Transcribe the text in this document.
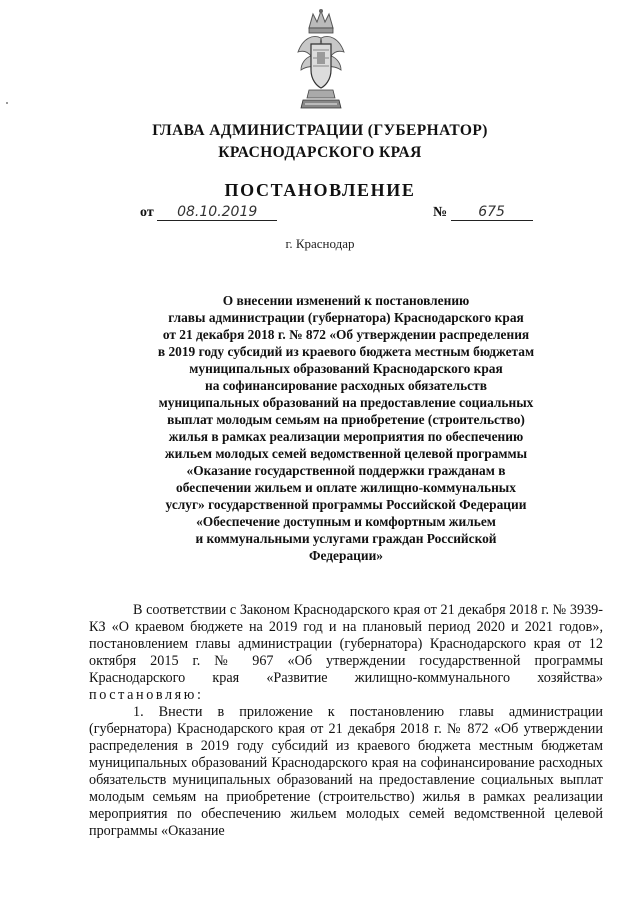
ГЛАВА АДМИНИСТРАЦИИ (ГУБЕРНАТОР)
КРАСНОДАРСКОГО КРАЯ
ПОСТАНОВЛЕНИЕ
от 08.10.2019	№ 675
г. Краснодар
О внесении изменений к постановлению
главы администрации (губернатора) Краснодарского края
от 21 декабря 2018 г. № 872 «Об утверждении распределения
в 2019 году субсидий из краевого бюджета местным бюджетам
муниципальных образований Краснодарского края
на софинансирование расходных обязательств
муниципальных образований на предоставление социальных
выплат молодым семьям на приобретение (строительство)
жилья в рамках реализации мероприятия по обеспечению
жильем молодых семей ведомственной целевой программы
«Оказание государственной поддержки гражданам в
обеспечении жильем и оплате жилищно-коммунальных
услуг» государственной программы Российской Федерации
«Обеспечение доступным и комфортным жильем
и коммунальными услугами граждан Российской
Федерации»

В соответствии с Законом Краснодарского края от 21 декабря 2018 г. № 3939-КЗ «О краевом бюджете на 2019 год и на плановый период 2020 и 2021 годов», постановлением главы администрации (губернатора) Краснодарского края от 12 октября 2015 г. № 967 «Об утверждении государственной программы Краснодарского края «Развитие жилищно-коммунального хозяйства» постановляю:

1. Внести в приложение к постановлению главы администрации (губернатора) Краснодарского края от 21 декабря 2018 г. № 872 «Об утверждении распределения в 2019 году субсидий из краевого бюджета местным бюджетам муниципальных образований Краснодарского края на софинансирование расходных обязательств муниципальных образований на предоставление социальных выплат молодым семьям на приобретение (строительство) жилья в рамках реализации мероприятия по обеспечению жильем молодых семей ведомственной целевой программы «Оказание
